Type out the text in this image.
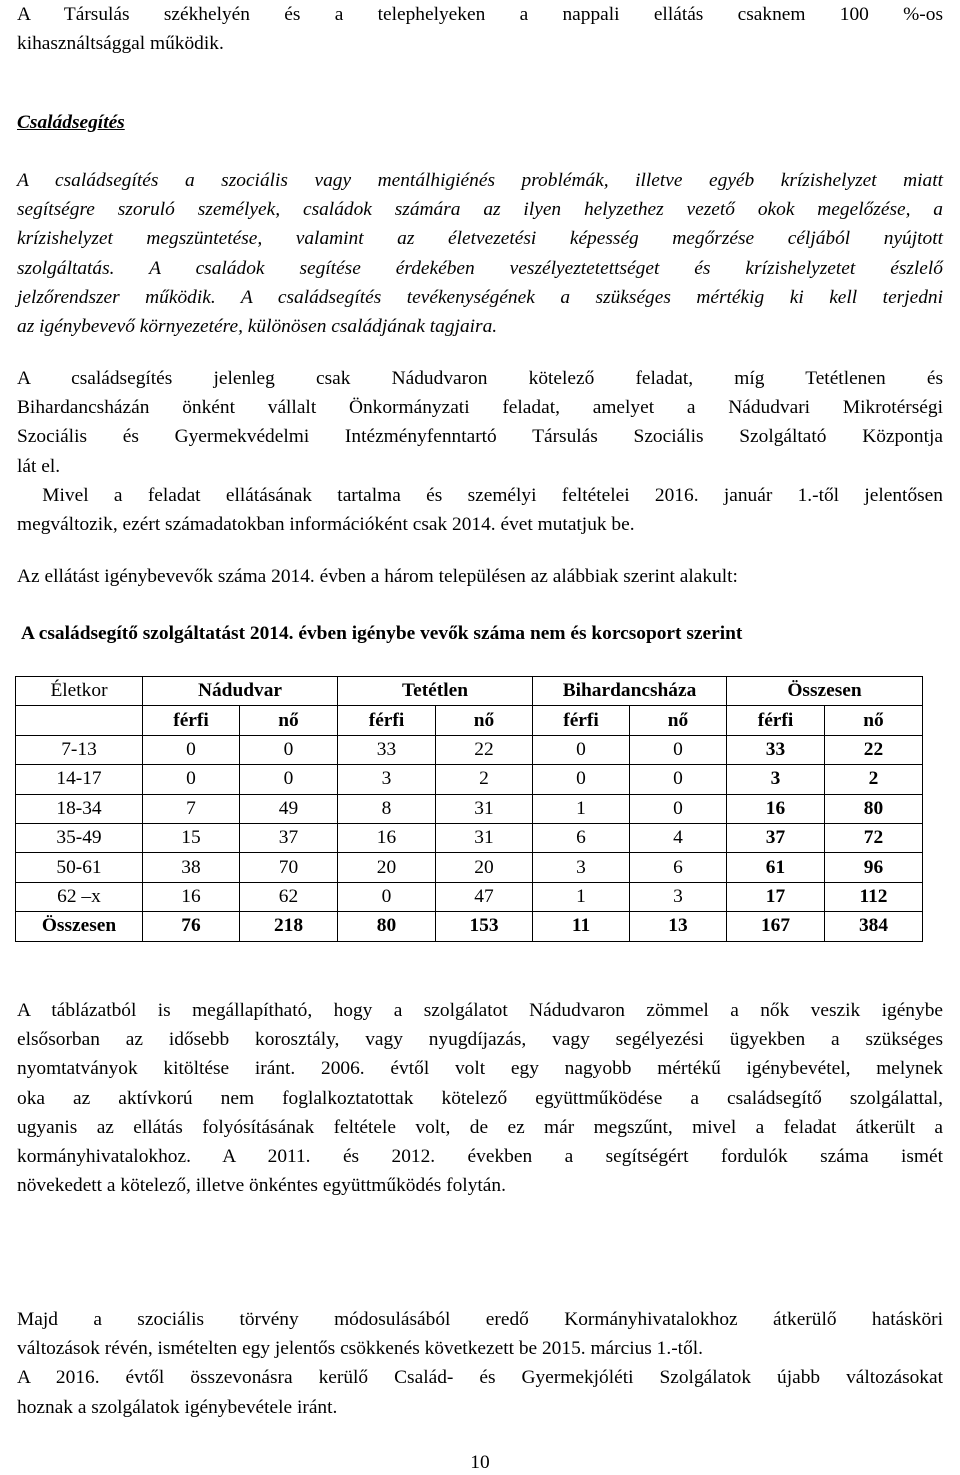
A Társulás székhelyén és a telephelyeken a nappali ellátás csaknem 100 %-os
kihasználtsággal működik.
Családsegítés
A családsegítés a szociális vagy mentálhigiénés problémák, illetve egyéb krízishelyzet miatt
segítségre szoruló személyek, családok számára az ilyen helyzethez vezető okok megelőzése, a
krízishelyzet megszüntetése, valamint az életvezetési képesség megőrzése céljából nyújtott
szolgáltatás. A családok segítése érdekében veszélyeztetettséget és krízishelyzetet észlelő
jelzőrendszer működik. A családsegítés tevékenységének a szükséges mértékig ki kell terjedni
az igénybevevő környezetére, különösen családjának tagjaira.
A családsegítés jelenleg csak Nádudvaron kötelező feladat, míg Tetétlenen és
Bihardancsházán önként vállalt Önkormányzati feladat, amelyet a Nádudvari Mikrotérségi
Szociális és Gyermekvédelmi Intézményfenntartó Társulás Szociális Szolgáltató Központja
lát el.
Mivel a feladat ellátásának tartalma és személyi feltételei 2016. január 1.-től jelentősen
megváltozik, ezért számadatokban információként csak 2014. évet mutatjuk be.
Az ellátást igénybevevők száma 2014. évben a három településen az alábbiak szerint alakult:
A családsegítő szolgáltatást 2014. évben igénybe vevők száma nem és korcsoport szerint
Életkor	Nádudvar		Tetétlen		Bihardancsháza		Összesen	
	férfi	nő	férfi	nő	férfi	nő	férfi	nő
7-13	0	0	33	22	0	0	33	22
14-17	0	0	3	2	0	0	3	2
18-34	7	49	8	31	1	0	16	80
35-49	15	37	16	31	6	4	37	72
50-61	38	70	20	20	3	6	61	96
62 –x	16	62	0	47	1	3	17	112
Összesen	76	218	80	153	11	13	167	384
A táblázatból is megállapítható, hogy a szolgálatot Nádudvaron zömmel a nők veszik igénybe
elsősorban az idősebb korosztály, vagy nyugdíjazás, vagy segélyezési ügyekben a szükséges
nyomtatványok kitöltése iránt. 2006. évtől volt egy nagyobb mértékű igénybevétel, melynek
oka az aktívkorú nem foglalkoztatottak kötelező együttműködése a családsegítő szolgálattal,
ugyanis az ellátás folyósításának feltétele volt, de ez már megszűnt, mivel a feladat átkerült a
kormányhivatalokhoz. A 2011. és 2012. években a segítségért fordulók száma ismét
növekedett a kötelező, illetve önkéntes együttműködés folytán.
Majd a szociális törvény módosulásából eredő Kormányhivatalokhoz átkerülő hatásköri
változások révén, ismételten egy jelentős csökkenés következett be 2015. március 1.-től.
A 2016. évtől összevonásra kerülő Család- és Gyermekjóléti Szolgálatok újabb változásokat
hoznak a szolgálatok igénybevétele iránt.
10
